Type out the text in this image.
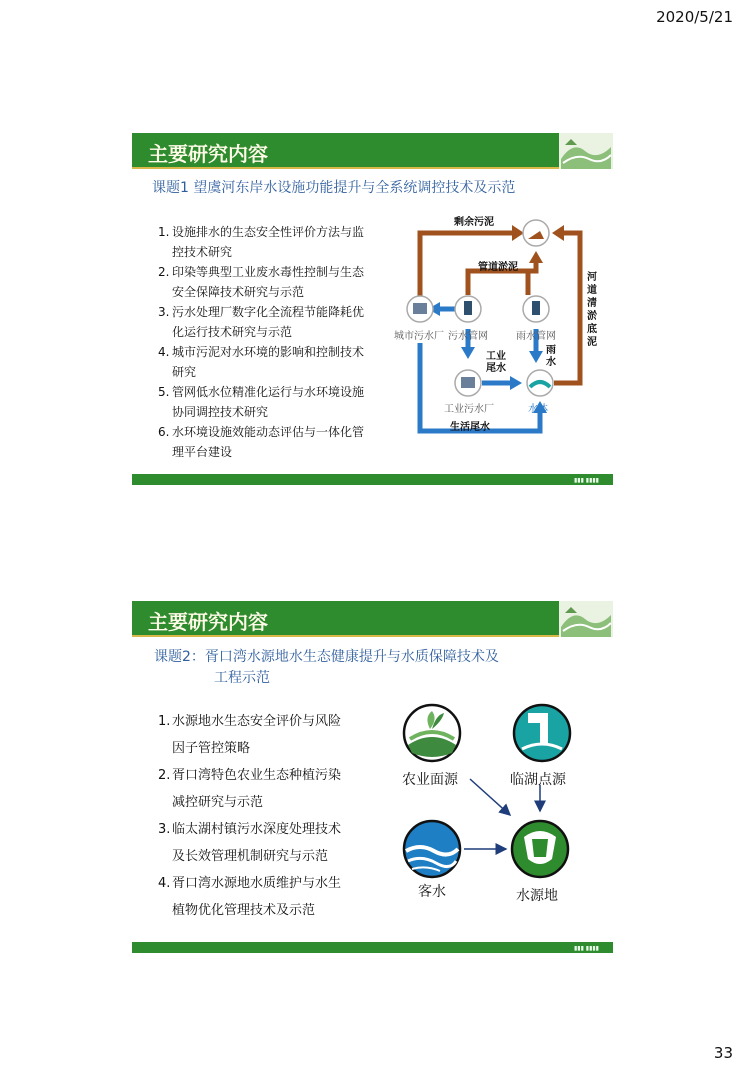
2020/5/21
主要研究内容
课题1 望虞河东岸水设施功能提升与全系统调控技术及示范
1. 设施排水的生态安全性评价方法与监
控技术研究
2. 印染等典型工业废水毒性控制与生态
安全保障技术研究与示范
3. 污水处理厂数字化全流程节能降耗优
化运行技术研究与示范
4. 城市污泥对水环境的影响和控制技术
研究
5. 管网低水位精准化运行与水环境设施
协同调控技术研究
6. 水环境设施效能动态评估与一体化管
理平台建设
剩余污泥
管道淤泥
城市污水厂 污水管网	雨水管网
工业
尾水
雨
水
工业污水厂	水体
生活尾水
河
道
清
淤
底
泥
▮▮▮ ▮▮▮▮
主要研究内容
课题2：胥口湾水源地水生态健康提升与水质保障技术及
工程示范
1. 水源地水生态安全评价与风险
因子管控策略
2. 胥口湾特色农业生态种植污染
减控研究与示范
3. 临太湖村镇污水深度处理技术
及长效管理机制研究与示范
4. 胥口湾水源地水质维护与水生
植物优化管理技术及示范
农业面源	临湖点源
客水	水源地
▮▮▮ ▮▮▮▮
33
